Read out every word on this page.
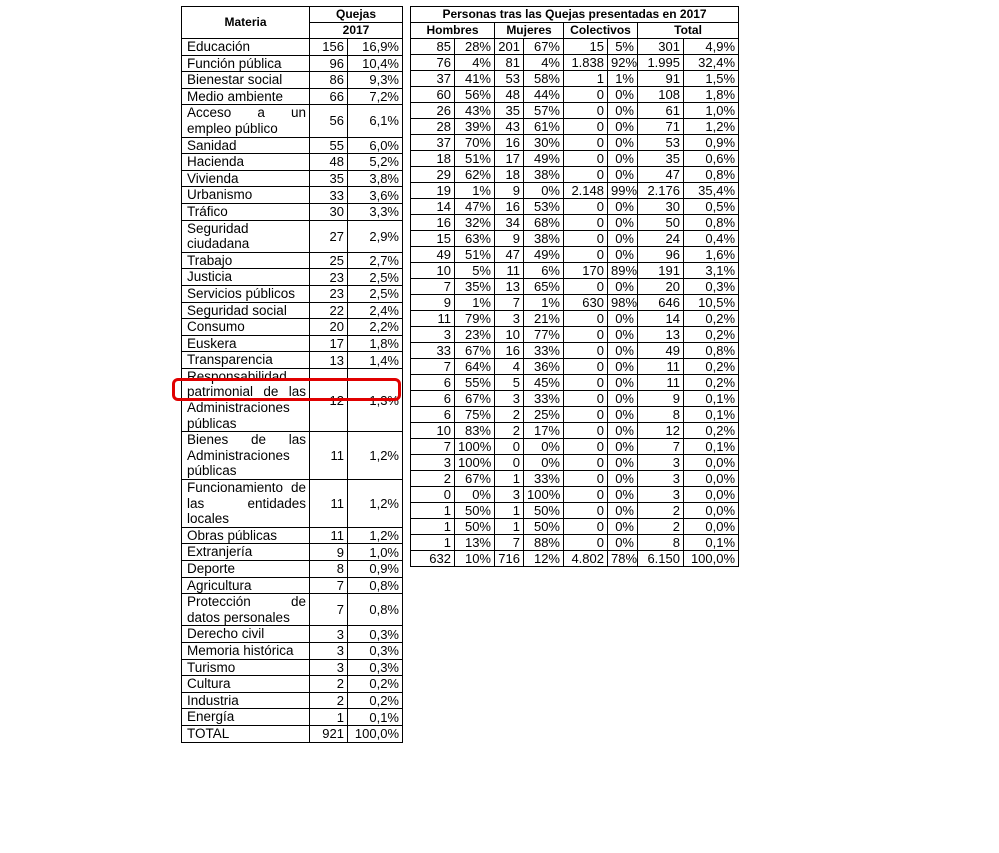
Materia	Quejas	
	2017	
Educación	156	16,9%
Función pública	96	10,4%
Bienestar social	86	9,3%
Medio ambiente	66	7,2%
Acceso a un empleo público	56	6,1%
Sanidad	55	6,0%
Hacienda	48	5,2%
Vivienda	35	3,8%
Urbanismo	33	3,6%
Tráfico	30	3,3%
Seguridad ciudadana	27	2,9%
Trabajo	25	2,7%
Justicia	23	2,5%
Servicios públicos	23	2,5%
Seguridad social	22	2,4%
Consumo	20	2,2%
Euskera	17	1,8%
Transparencia	13	1,4%
Responsabilidad patrimonial de las Administraciones públicas	12	1,3%
Bienes de las Administraciones públicas	11	1,2%
Funcionamiento de las entidades locales	11	1,2%
Obras públicas	11	1,2%
Extranjería	9	1,0%
Deporte	8	0,9%
Agricultura	7	0,8%
Protección de datos personales	7	0,8%
Derecho civil	3	0,3%
Memoria histórica	3	0,3%
Turismo	3	0,3%
Cultura	2	0,2%
Industria	2	0,2%
Energía	1	0,1%
TOTAL	921	100,0%
Personas tras las Quejas presentadas en 2017							
Hombres		Mujeres		Colectivos		Total	
85	28%	201	67%	15	5%	301	4,9%
76	4%	81	4%	1.838	92%	1.995	32,4%
37	41%	53	58%	1	1%	91	1,5%
60	56%	48	44%	0	0%	108	1,8%
26	43%	35	57%	0	0%	61	1,0%
28	39%	43	61%	0	0%	71	1,2%
37	70%	16	30%	0	0%	53	0,9%
18	51%	17	49%	0	0%	35	0,6%
29	62%	18	38%	0	0%	47	0,8%
19	1%	9	0%	2.148	99%	2.176	35,4%
14	47%	16	53%	0	0%	30	0,5%
16	32%	34	68%	0	0%	50	0,8%
15	63%	9	38%	0	0%	24	0,4%
49	51%	47	49%	0	0%	96	1,6%
10	5%	11	6%	170	89%	191	3,1%
7	35%	13	65%	0	0%	20	0,3%
9	1%	7	1%	630	98%	646	10,5%
11	79%	3	21%	0	0%	14	0,2%
3	23%	10	77%	0	0%	13	0,2%
33	67%	16	33%	0	0%	49	0,8%
7	64%	4	36%	0	0%	11	0,2%
6	55%	5	45%	0	0%	11	0,2%
6	67%	3	33%	0	0%	9	0,1%
6	75%	2	25%	0	0%	8	0,1%
10	83%	2	17%	0	0%	12	0,2%
7	100%	0	0%	0	0%	7	0,1%
3	100%	0	0%	0	0%	3	0,0%
2	67%	1	33%	0	0%	3	0,0%
0	0%	3	100%	0	0%	3	0,0%
1	50%	1	50%	0	0%	2	0,0%
1	50%	1	50%	0	0%	2	0,0%
1	13%	7	88%	0	0%	8	0,1%
632	10%	716	12%	4.802	78%	6.150	100,0%
